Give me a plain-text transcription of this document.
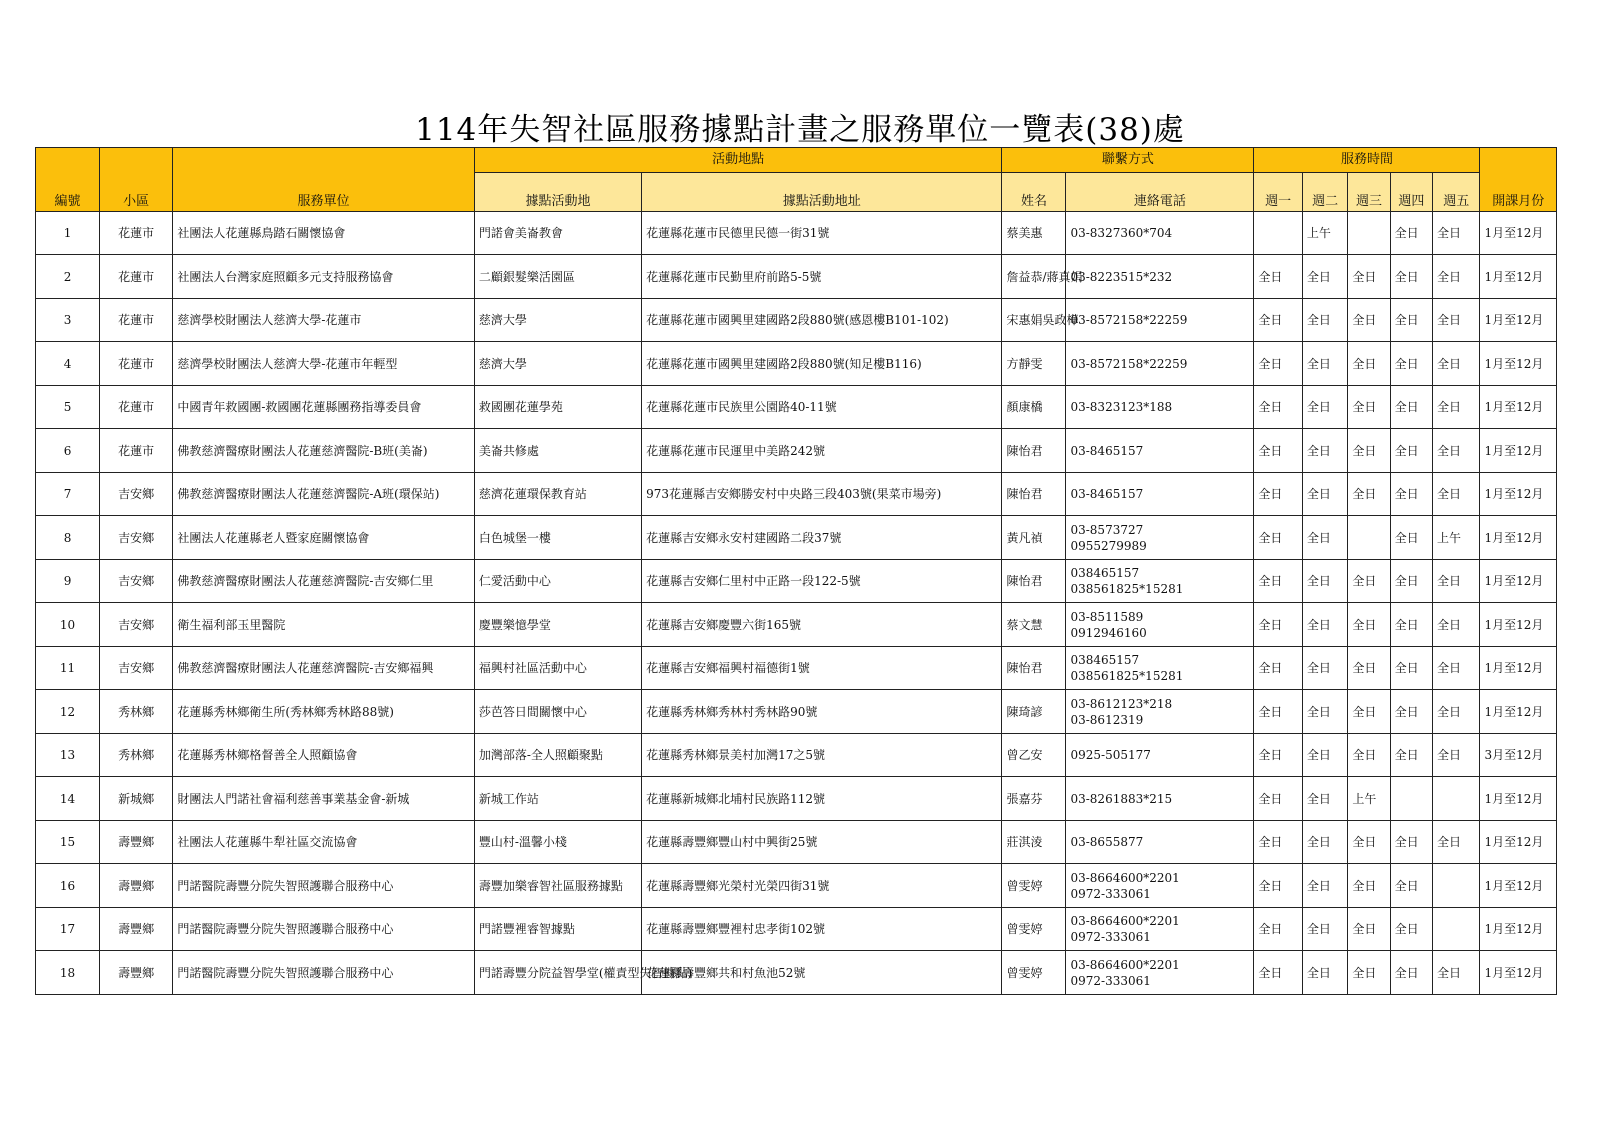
114年失智社區服務據點計畫之服務單位一覽表(38)處
編號	小區	服務單位	活動地點		聯繫方式		服務時間					開課月份
			據點活動地	據點活動地址	姓名	連絡電話	週一	週二	週三	週四	週五	
1	花蓮市	社團法人花蓮縣鳥踏石關懷協會	門諾會美崙教會	花蓮縣花蓮市民德里民德一街31號	蔡美惠	03-8327360*704		上午		全日	全日	1月至12月
2	花蓮市	社團法人台灣家庭照顧多元支持服務協會	二顧銀髮樂活園區	花蓮縣花蓮市民勤里府前路5-5號	詹益恭/蔣真娟	03-8223515*232	全日	全日	全日	全日	全日	1月至12月
3	花蓮市	慈濟學校財團法人慈濟大學-花蓮市	慈濟大學	花蓮縣花蓮市國興里建國路2段880號(感恩樓B101-102)	宋惠娟吳政樺	03-8572158*22259	全日	全日	全日	全日	全日	1月至12月
4	花蓮市	慈濟學校財團法人慈濟大學-花蓮市年輕型	慈濟大學	花蓮縣花蓮市國興里建國路2段880號(知足樓B116)	方靜雯	03-8572158*22259	全日	全日	全日	全日	全日	1月至12月
5	花蓮市	中國青年救國團-救國團花蓮縣團務指導委員會	救國團花蓮學苑	花蓮縣花蓮市民族里公園路40-11號	顏康橋	03-8323123*188	全日	全日	全日	全日	全日	1月至12月
6	花蓮市	佛教慈濟醫療財團法人花蓮慈濟醫院-B班(美崙)	美崙共修處	花蓮縣花蓮市民運里中美路242號	陳怡君	03-8465157	全日	全日	全日	全日	全日	1月至12月
7	吉安鄉	佛教慈濟醫療財團法人花蓮慈濟醫院-A班(環保站)	慈濟花蓮環保教育站	973花蓮縣吉安鄉勝安村中央路三段403號(果菜市場旁)	陳怡君	03-8465157	全日	全日	全日	全日	全日	1月至12月
8	吉安鄉	社團法人花蓮縣老人暨家庭關懷協會	白色城堡一樓	花蓮縣吉安鄉永安村建國路二段37號	黃凡禎	03-8573727
0955279989	全日	全日		全日	上午	1月至12月
9	吉安鄉	佛教慈濟醫療財團法人花蓮慈濟醫院-吉安鄉仁里	仁愛活動中心	花蓮縣吉安鄉仁里村中正路一段122-5號	陳怡君	038465157
038561825*15281	全日	全日	全日	全日	全日	1月至12月
10	吉安鄉	衛生福利部玉里醫院	慶豐樂憶學堂	花蓮縣吉安鄉慶豐六街165號	蔡文慧	03-8511589
0912946160	全日	全日	全日	全日	全日	1月至12月
11	吉安鄉	佛教慈濟醫療財團法人花蓮慈濟醫院-吉安鄉福興	福興村社區活動中心	花蓮縣吉安鄉福興村福德街1號	陳怡君	038465157
038561825*15281	全日	全日	全日	全日	全日	1月至12月
12	秀林鄉	花蓮縣秀林鄉衛生所(秀林鄉秀林路88號)	莎芭答日間關懷中心	花蓮縣秀林鄉秀林村秀林路90號	陳琦諺	03-8612123*218
03-8612319	全日	全日	全日	全日	全日	1月至12月
13	秀林鄉	花蓮縣秀林鄉格督善全人照顧協會	加灣部落-全人照顧聚點	花蓮縣秀林鄉景美村加灣17之5號	曾乙安	0925-505177	全日	全日	全日	全日	全日	3月至12月
14	新城鄉	財團法人門諾社會福利慈善事業基金會-新城	新城工作站	花蓮縣新城鄉北埔村民族路112號	張嘉芬	03-8261883*215	全日	全日	上午			1月至12月
15	壽豐鄉	社團法人花蓮縣牛犁社區交流協會	豐山村-溫馨小棧	花蓮縣壽豐鄉豐山村中興街25號	莊淇淩	03-8655877	全日	全日	全日	全日	全日	1月至12月
16	壽豐鄉	門諾醫院壽豐分院失智照護聯合服務中心	壽豐加樂睿智社區服務據點	花蓮縣壽豐鄉光榮村光榮四街31號	曾雯婷	03-8664600*2201
0972-333061	全日	全日	全日	全日		1月至12月
17	壽豐鄉	門諾醫院壽豐分院失智照護聯合服務中心	門諾豐裡睿智據點	花蓮縣壽豐鄉豐裡村忠孝街102號	曾雯婷	03-8664600*2201
0972-333061	全日	全日	全日	全日		1月至12月
18	壽豐鄉	門諾醫院壽豐分院失智照護聯合服務中心	門諾壽豐分院益智學堂(權責型失智據點)	花蓮縣壽豐鄉共和村魚池52號	曾雯婷	03-8664600*2201
0972-333061	全日	全日	全日	全日	全日	1月至12月
